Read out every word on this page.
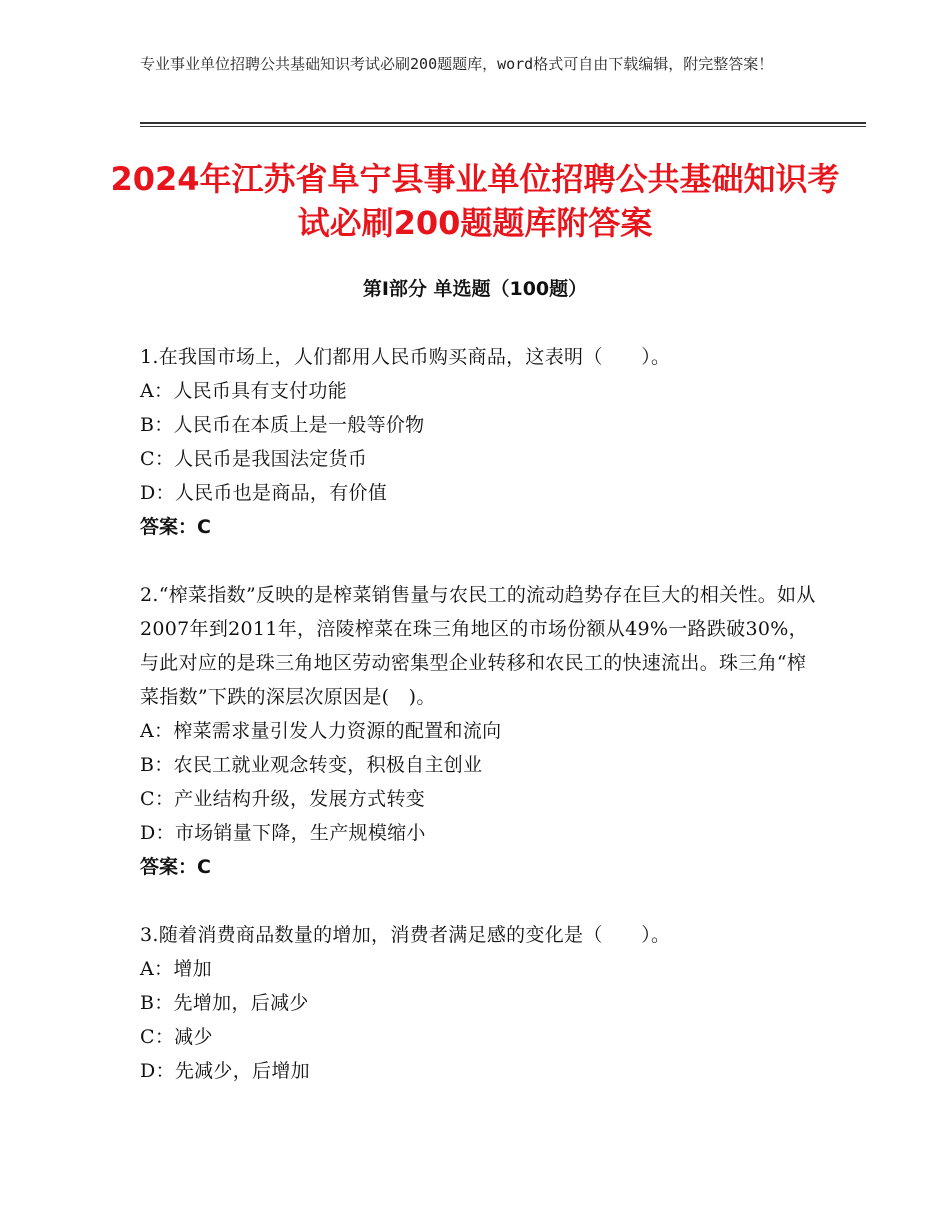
专业事业单位招聘公共基础知识考试必刷200题题库，word格式可自由下载编辑，附完整答案！
2024年江苏省阜宁县事业单位招聘公共基础知识考试必刷200题题库附答案
第Ⅰ部分 单选题（100题）
1.在我国市场上，人们都用人民币购买商品，这表明（　　）。
A：人民币具有支付功能
B：人民币在本质上是一般等价物
C：人民币是我国法定货币
D：人民币也是商品，有价值
答案：C
2.“榨菜指数”反映的是榨菜销售量与农民工的流动趋势存在巨大的相关性。如从2007年到2011年，涪陵榨菜在珠三角地区的市场份额从49%一路跌破30%，与此对应的是珠三角地区劳动密集型企业转移和农民工的快速流出。珠三角“榨菜指数”下跌的深层次原因是(　)。
A：榨菜需求量引发人力资源的配置和流向
B：农民工就业观念转变，积极自主创业
C：产业结构升级，发展方式转变
D：市场销量下降，生产规模缩小
答案：C
3.随着消费商品数量的增加，消费者满足感的变化是（　　）。
A：增加
B：先增加，后减少
C：减少
D：先减少，后增加
